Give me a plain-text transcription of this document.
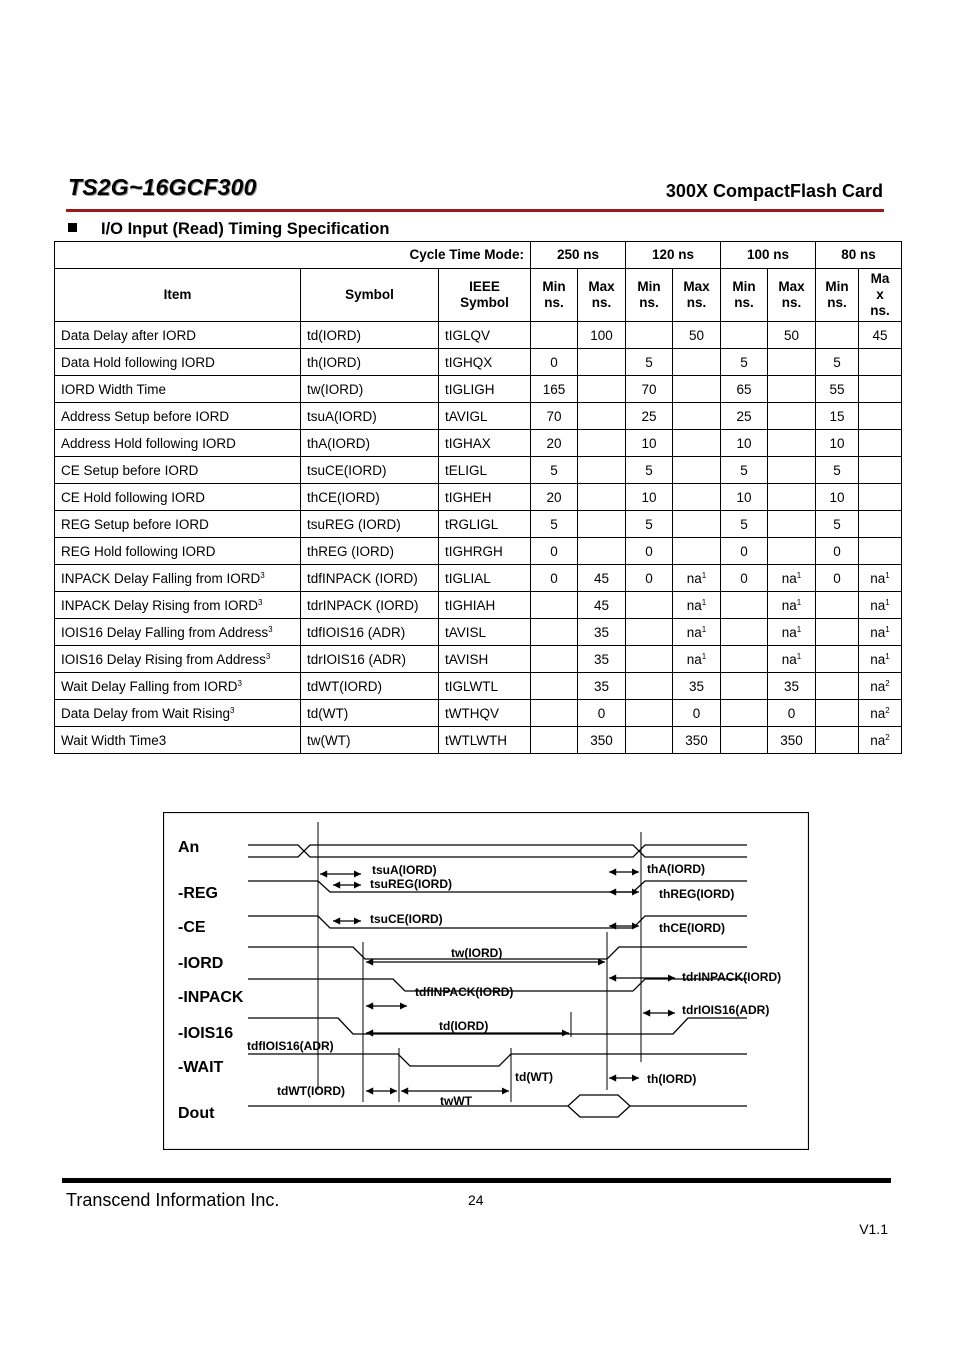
TS2G~16GCF300	300X CompactFlash Card
I/O Input (Read) Timing Specification
Cycle Time Mode:			250 ns		120 ns		100 ns		80 ns	
Item	Symbol	IEEE Symbol	Min ns.	Max ns.	Min ns.	Max ns.	Min ns.	Max ns.	Min ns.	Ma x ns.
Data Delay after IORD	td(IORD)	tIGLQV		100		50		50		45
Data Hold following IORD	th(IORD)	tIGHQX	0		5		5		5	
IORD Width Time	tw(IORD)	tIGLIGH	165		70		65		55	
Address Setup before IORD	tsuA(IORD)	tAVIGL	70		25		25		15	
Address Hold following IORD	thA(IORD)	tIGHAX	20		10		10		10	
CE Setup before IORD	tsuCE(IORD)	tELIGL	5		5		5		5	
CE Hold following IORD	thCE(IORD)	tIGHEH	20		10		10		10	
REG Setup before IORD	tsuREG (IORD)	tRGLIGL	5		5		5		5	
REG Hold following IORD	thREG (IORD)	tIGHRGH	0		0		0		0	
INPACK Delay Falling from IORD$^3$	tdfINPACK (IORD)	tIGLIAL	0	45	0	$na^1$	0	$na^1$	0	$na^1$
INPACK Delay Rising from IORD$^3$	tdrINPACK (IORD)	tIGHIAH		45		$na^1$		$na^1$		$na^1$
IOIS16 Delay Falling from Address$^3$	tdfIOIS16 (ADR)	tAVISL		35		$na^1$		$na^1$		$na^1$
IOIS16 Delay Rising from Address$^3$	tdrIOIS16 (ADR)	tAVISH		35		$na^1$		$na^1$		$na^1$
Wait Delay Falling from IORD$^3$	tdWT(IORD)	tIGLWTL		35		35		35		$na^2$
Data Delay from Wait Rising$^3$	td(WT)	tWTHQV		0		0		0		$na^2$
Wait Width Time3	tw(WT)	tWTLWTH		350		350		350		$na^2$
An
-REG
-CE
-IORD
-INPACK
-IOIS16
-WAIT
Dout
tsuA(IORD)
tsuREG(IORD)
tsuCE(IORD)
tw(IORD)
tdfINPACK(IORD)
td(IORD)
tdfIOIS16(ADR)
tdWT(IORD)
twWT
td(WT)
thA(IORD)
thREG(IORD)
thCE(IORD)
tdrINPACK(IORD)
tdrIOIS16(ADR)
th(IORD)
Transcend Information Inc.	24
V1.1
